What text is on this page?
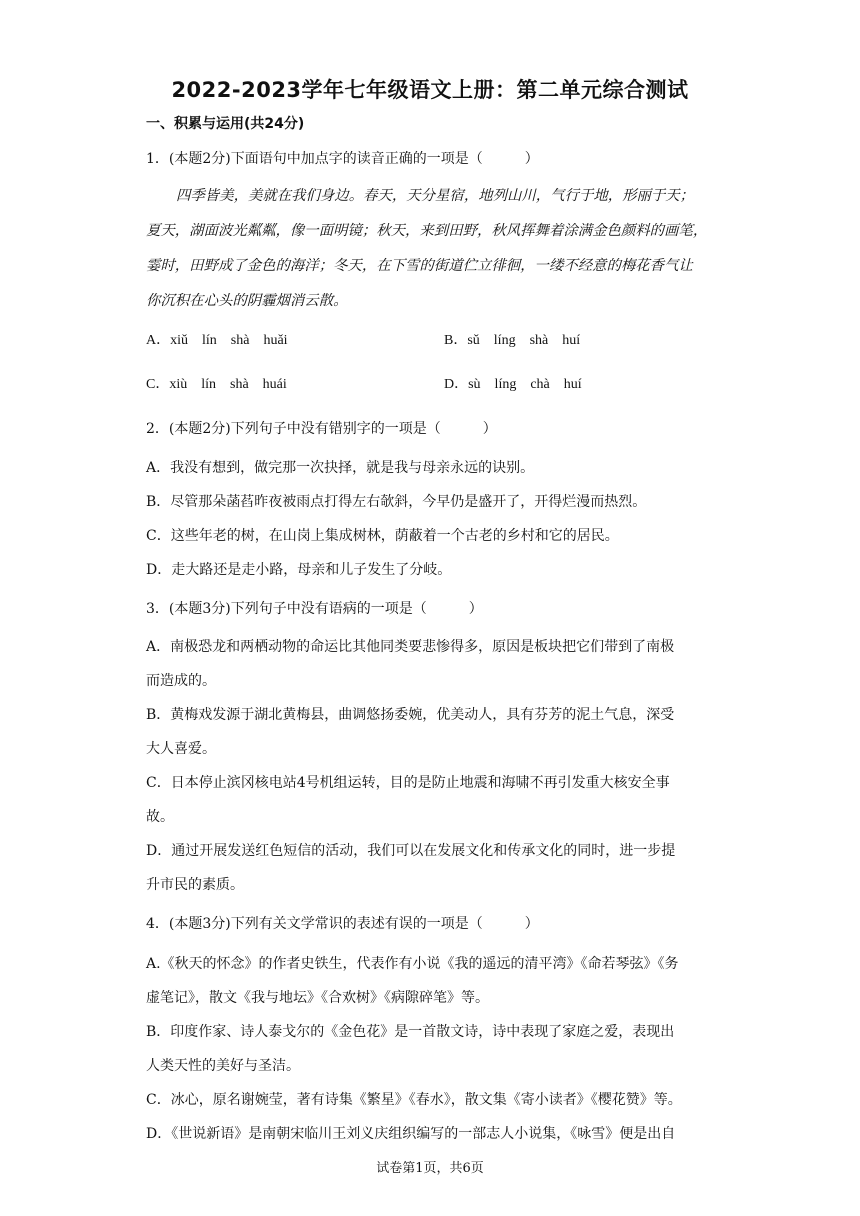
2022-2023学年七年级语文上册：第二单元综合测试
一、积累与运用(共24分)
1．(本题2分)下面语句中加点字的读音正确的一项是（　　　）
四季皆美，美就在我们身边。春天，天分星宿，地列山川，气行于地，形丽于天；
夏天，湖面波光粼粼，像一面明镜；秋天，来到田野，秋风挥舞着涂满金色颜料的画笔，
霎时，田野成了金色的海洋；冬天，在下雪的街道伫立徘徊，一缕不经意的梅花香气让
你沉积在心头的阴霾烟消云散。
A．xiǔ　lín　shà　huǎi	B．sǔ　líng　shà　huí
C．xiù　lín　shà　huái	D．sù　líng　chà　huí
2．(本题2分)下列句子中没有错别字的一项是（　　　）
A．我没有想到，做完那一次抉择，就是我与母亲永远的诀别。
B．尽管那朵菡萏昨夜被雨点打得左右欹斜，今早仍是盛开了，开得烂漫而热烈。
C．这些年老的树，在山岗上集成树林，荫蔽着一个古老的乡村和它的居民。
D．走大路还是走小路，母亲和儿子发生了分岐。
3．(本题3分)下列句子中没有语病的一项是（　　　）
A．南极恐龙和两栖动物的命运比其他同类要悲惨得多，原因是板块把它们带到了南极
而造成的。
B．黄梅戏发源于湖北黄梅县，曲调悠扬委婉，优美动人，具有芬芳的泥土气息，深受
大人喜爱。
C．日本停止滨冈核电站4号机组运转，目的是防止地震和海啸不再引发重大核安全事
故。
D．通过开展发送红色短信的活动，我们可以在发展文化和传承文化的同时，进一步提
升市民的素质。
4．(本题3分)下列有关文学常识的表述有误的一项是（　　　）
A.《秋天的怀念》的作者史铁生，代表作有小说《我的遥远的清平湾》《命若琴弦》《务
虚笔记》，散文《我与地坛》《合欢树》《病隙碎笔》等。
B．印度作家、诗人泰戈尔的《金色花》是一首散文诗，诗中表现了家庭之爱，表现出
人类天性的美好与圣洁。
C．冰心，原名谢婉莹，著有诗集《繁星》《春水》，散文集《寄小读者》《樱花赞》等。
D．《世说新语》是南朝宋临川王刘义庆组织编写的一部志人小说集，《咏雪》便是出自
试卷第1页，共6页
